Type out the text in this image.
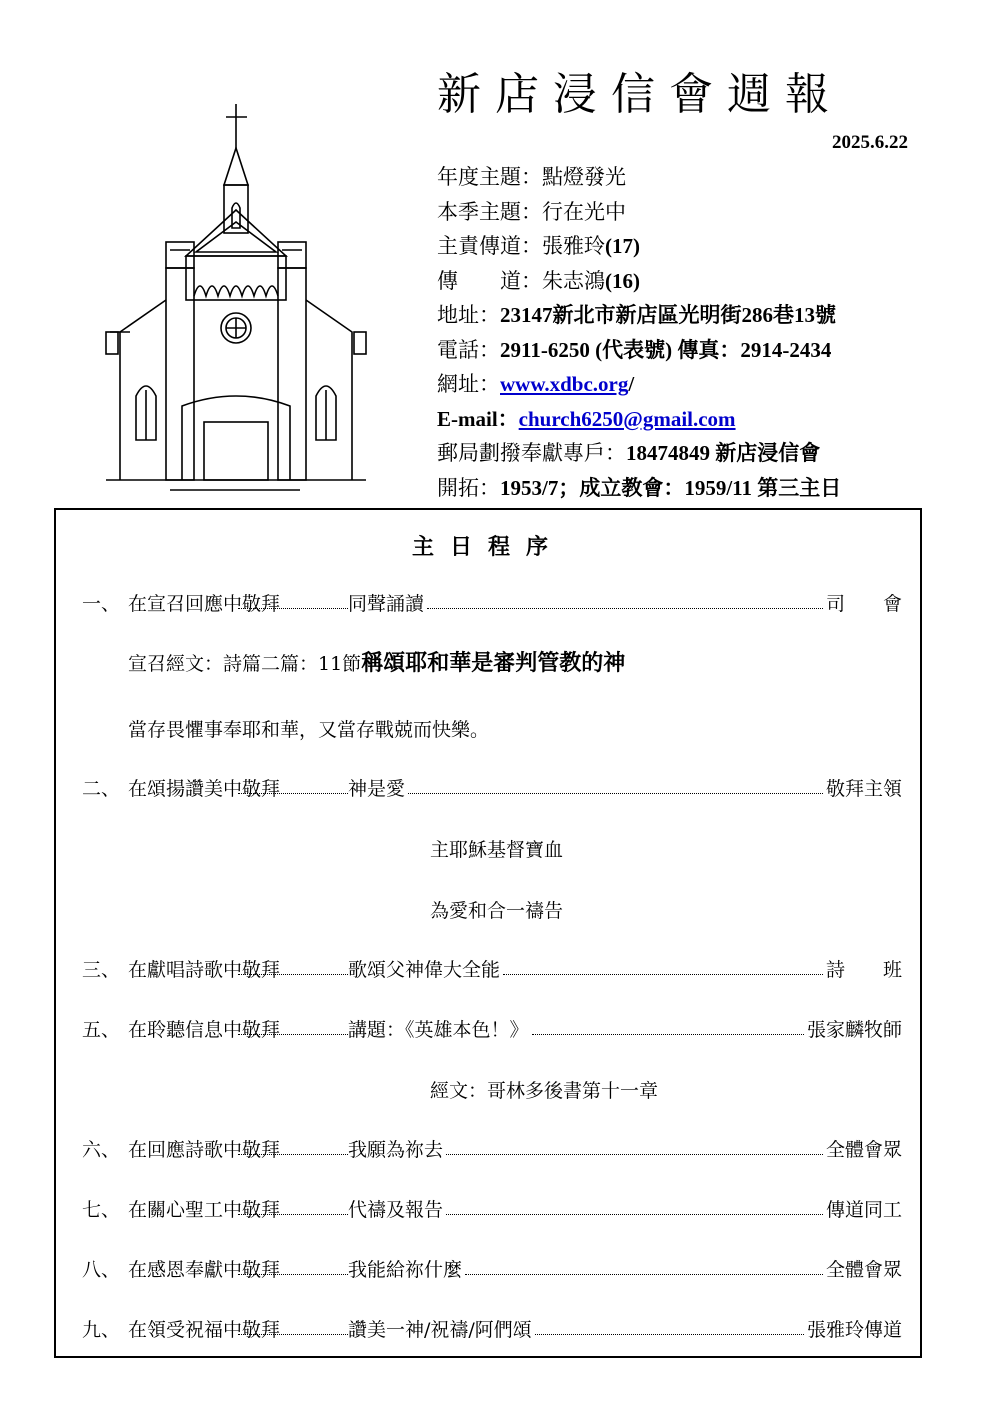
新店浸信會週報
2025.6.22
年度主題：點燈發光
本季主題：行在光中
主責傳道：張雅玲(17)
傳　　道：朱志鴻(16)
地址：23147新北市新店區光明街286巷13號
電話：2911-6250 (代表號) 傳真：2914-2434
網址：www.xdbc.org/
E-mail：church6250@gmail.com
郵局劃撥奉獻專戶：18474849 新店浸信會
開拓：1953/7；成立教會：1959/11 第三主日
主日程序
一、 在宣召回應中敬拜	同聲誦讀	司　　會
宣召經文：詩篇二篇：11節稱頌耶和華是審判管教的神
當存畏懼事奉耶和華，又當存戰兢而快樂。
二、 在頌揚讚美中敬拜	神是愛	敬拜主領
主耶穌基督寶血
為愛和合一禱告
三、 在獻唱詩歌中敬拜	歌頌父神偉大全能	詩　　班
五、 在聆聽信息中敬拜	講題：《英雄本色！》	張家麟牧師
經文：哥林多後書第十一章
六、 在回應詩歌中敬拜	我願為祢去	全體會眾
七、 在關心聖工中敬拜	代禱及報告	傳道同工
八、 在感恩奉獻中敬拜	我能給祢什麼	全體會眾
九、 在領受祝福中敬拜	讚美一神/祝禱/阿們頌	張雅玲傳道
